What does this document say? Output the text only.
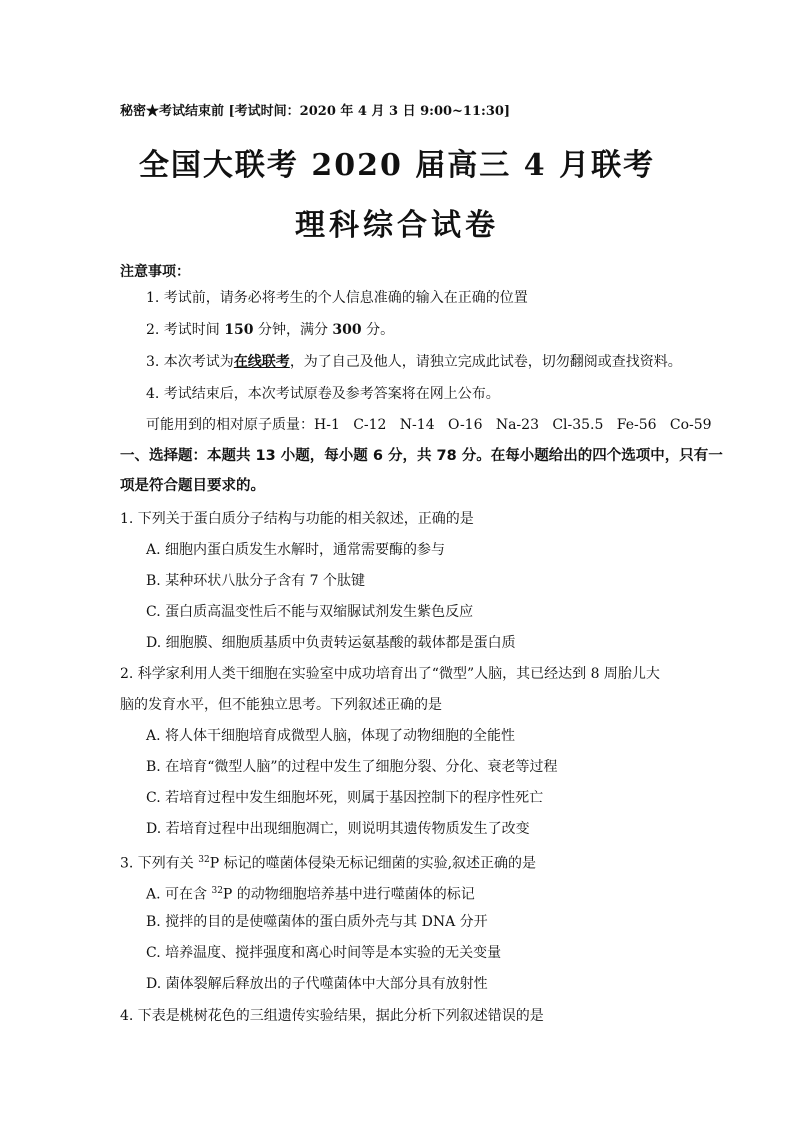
秘密★考试结束前 [考试时间：2020 年 4 月 3 日 9:00~11:30]
全国大联考 2020 届高三 4 月联考
理科综合试卷
注意事项：
1. 考试前，请务必将考生的个人信息准确的输入在正确的位置
2. 考试时间 150 分钟，满分 300 分。
3. 本次考试为在线联考，为了自己及他人，请独立完成此试卷，切勿翻阅或查找资料。
4. 考试结束后，本次考试原卷及参考答案将在网上公布。
可能用到的相对原子质量：H-1   C-12   N-14   O-16   Na-23   Cl-35.5   Fe-56   Co-59
一、选择题：本题共 13 小题，每小题 6 分，共 78 分。在每小题给出的四个选项中，只有一
项是符合题目要求的。
1. 下列关于蛋白质分子结构与功能的相关叙述，正确的是
A. 细胞内蛋白质发生水解时，通常需要酶的参与
B. 某种环状八肽分子含有 7 个肽键
C. 蛋白质高温变性后不能与双缩脲试剂发生紫色反应
D. 细胞膜、细胞质基质中负责转运氨基酸的载体都是蛋白质
2. 科学家利用人类干细胞在实验室中成功培育出了“微型”人脑，其已经达到 8 周胎儿大
脑的发育水平，但不能独立思考。下列叙述正确的是
A. 将人体干细胞培育成微型人脑，体现了动物细胞的全能性
B. 在培育“微型人脑”的过程中发生了细胞分裂、分化、衰老等过程
C. 若培育过程中发生细胞坏死，则属于基因控制下的程序性死亡
D. 若培育过程中出现细胞凋亡，则说明其遗传物质发生了改变
3. 下列有关 $^{32}$P 标记的噬菌体侵染无标记细菌的实验,叙述正确的是
A. 可在含 $^{32}$P 的动物细胞培养基中进行噬菌体的标记
B. 搅拌的目的是使噬菌体的蛋白质外壳与其 DNA 分开
C. 培养温度、搅拌强度和离心时间等是本实验的无关变量
D. 菌体裂解后释放出的子代噬菌体中大部分具有放射性
4. 下表是桃树花色的三组遗传实验结果，据此分析下列叙述错误的是
